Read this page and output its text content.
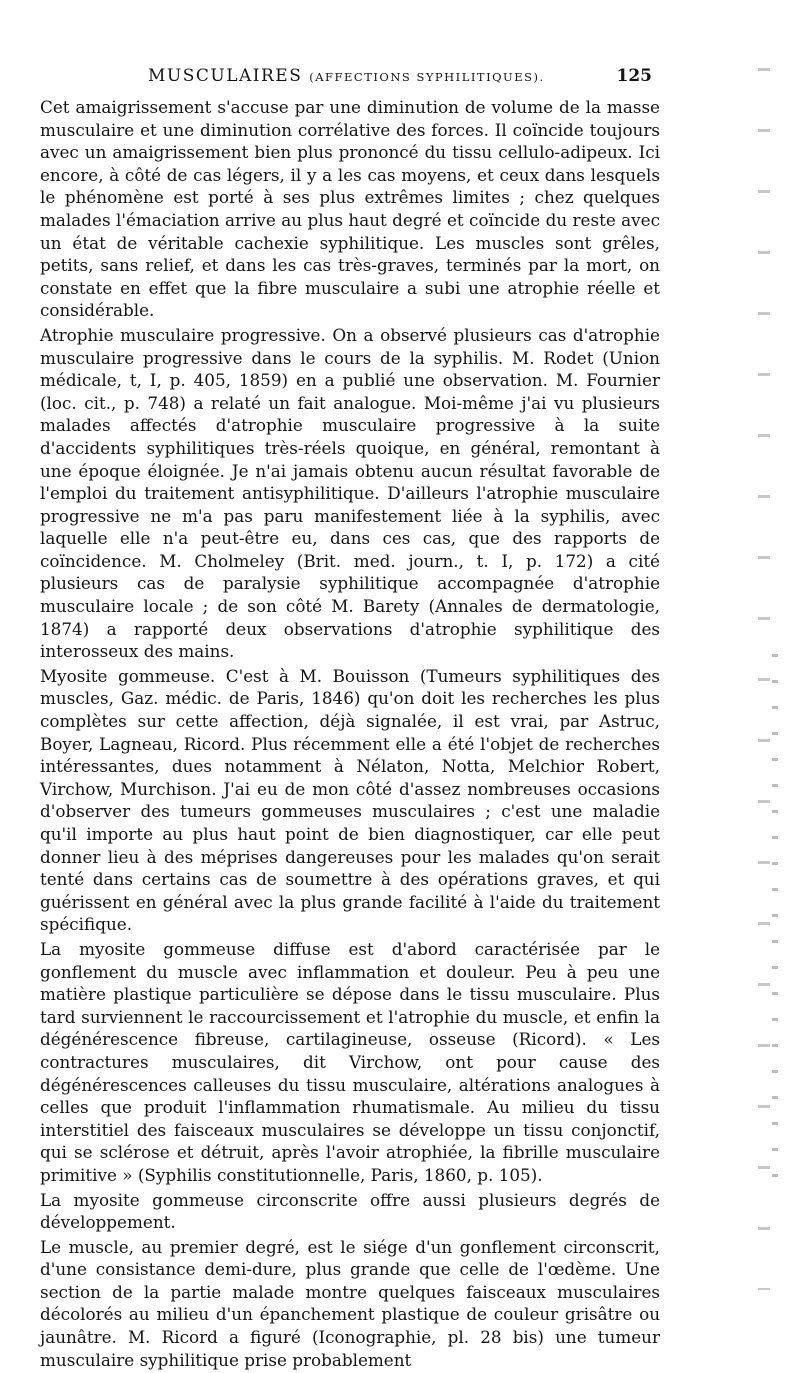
MUSCULAIRES (AFFECTIONS SYPHILITIQUES).	125

Cet amaigrissement s'accuse par une diminution de volume de la masse musculaire et une diminution corrélative des forces. Il coïncide toujours avec un amaigrissement bien plus prononcé du tissu cellulo-adipeux. Ici encore, à côté de cas légers, il y a les cas moyens, et ceux dans lesquels le phénomène est porté à ses plus extrêmes limites ; chez quelques malades l'émaciation arrive au plus haut degré et coïncide du reste avec un état de véritable cachexie syphilitique. Les muscles sont grêles, petits, sans relief, et dans les cas très-graves, terminés par la mort, on constate en effet que la fibre musculaire a subi une atrophie réelle et considérable.

Atrophie musculaire progressive. On a observé plusieurs cas d'atrophie musculaire progressive dans le cours de la syphilis. M. Rodet (Union médicale, t, I, p. 405, 1859) en a publié une observation. M. Fournier (loc. cit., p. 748) a relaté un fait analogue. Moi-même j'ai vu plusieurs malades affectés d'atrophie musculaire progressive à la suite d'accidents syphilitiques très-réels quoique, en général, remontant à une époque éloignée. Je n'ai jamais obtenu aucun résultat favorable de l'emploi du traitement antisyphilitique. D'ailleurs l'atrophie musculaire progressive ne m'a pas paru manifestement liée à la syphilis, avec laquelle elle n'a peut-être eu, dans ces cas, que des rapports de coïncidence. M. Cholmeley (Brit. med. journ., t. I, p. 172) a cité plusieurs cas de paralysie syphilitique accompagnée d'atrophie musculaire locale ; de son côté M. Barety (Annales de dermatologie, 1874) a rapporté deux observations d'atrophie syphilitique des interosseux des mains.

Myosite gommeuse. C'est à M. Bouisson (Tumeurs syphilitiques des muscles, Gaz. médic. de Paris, 1846) qu'on doit les recherches les plus complètes sur cette affection, déjà signalée, il est vrai, par Astruc, Boyer, Lagneau, Ricord. Plus récemment elle a été l'objet de recherches intéressantes, dues notamment à Nélaton, Notta, Melchior Robert, Virchow, Murchison. J'ai eu de mon côté d'assez nombreuses occasions d'observer des tumeurs gommeuses musculaires ; c'est une maladie qu'il importe au plus haut point de bien diagnostiquer, car elle peut donner lieu à des méprises dangereuses pour les malades qu'on serait tenté dans certains cas de soumettre à des opérations graves, et qui guérissent en général avec la plus grande facilité à l'aide du traitement spécifique.

La myosite gommeuse diffuse est d'abord caractérisée par le gonflement du muscle avec inflammation et douleur. Peu à peu une matière plastique particulière se dépose dans le tissu musculaire. Plus tard surviennent le raccourcissement et l'atrophie du muscle, et enfin la dégénérescence fibreuse, cartilagineuse, osseuse (Ricord). « Les contractures musculaires, dit Virchow, ont pour cause des dégénérescences calleuses du tissu musculaire, altérations analogues à celles que produit l'inflammation rhumatismale. Au milieu du tissu interstitiel des faisceaux musculaires se développe un tissu conjonctif, qui se sclérose et détruit, après l'avoir atrophiée, la fibrille musculaire primitive » (Syphilis constitutionnelle, Paris, 1860, p. 105).

La myosite gommeuse circonscrite offre aussi plusieurs degrés de développement.

Le muscle, au premier degré, est le siége d'un gonflement circonscrit, d'une consistance demi-dure, plus grande que celle de l'œdème. Une section de la partie malade montre quelques faisceaux musculaires décolorés au milieu d'un épanchement plastique de couleur grisâtre ou jaunâtre. M. Ricord a figuré (Iconographie, pl. 28 bis) une tumeur musculaire syphilitique prise probablement
